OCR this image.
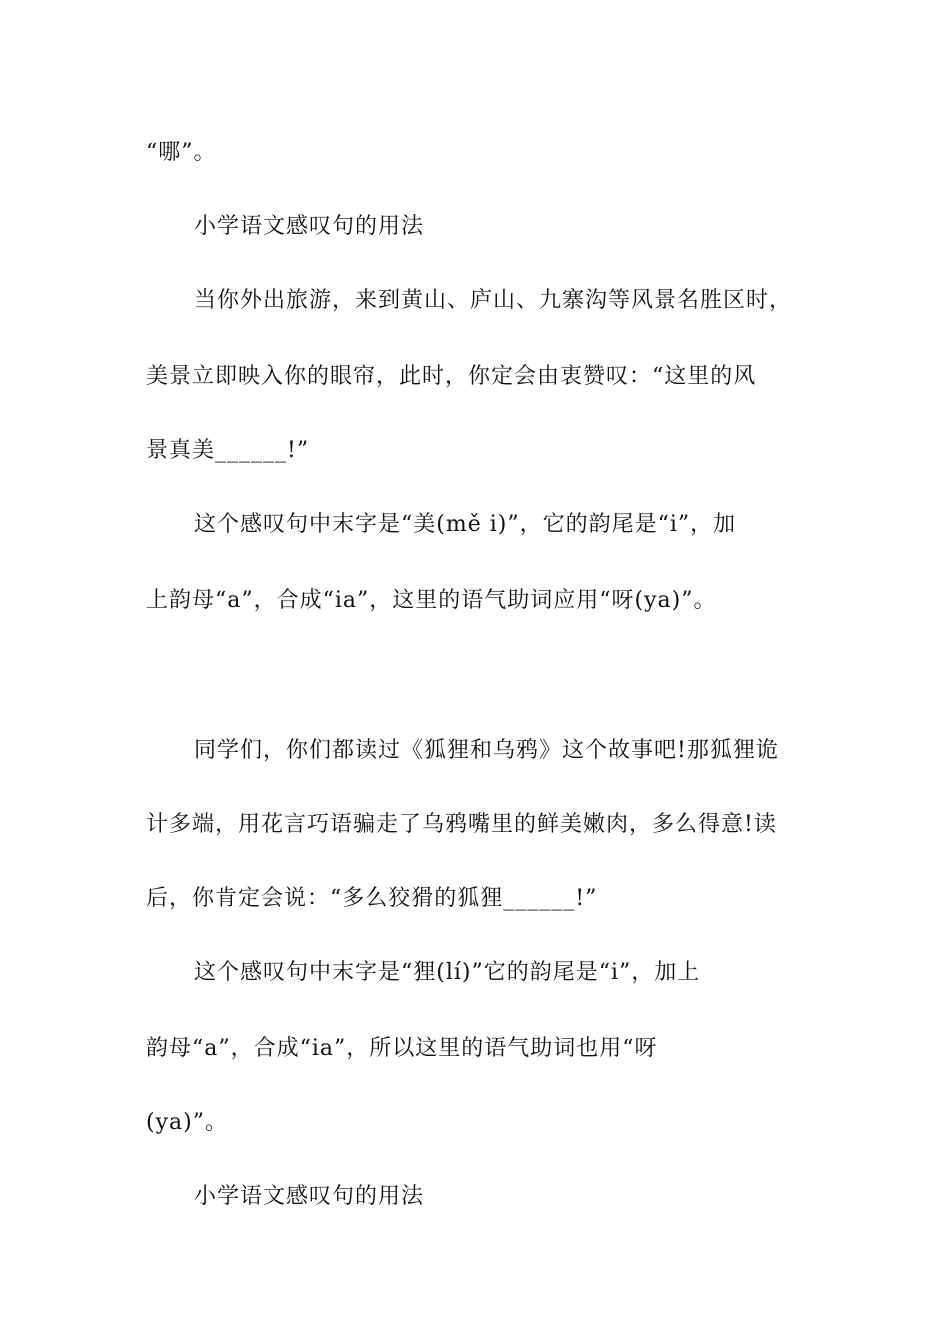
“哪”。
小学语文感叹句的用法
当你外出旅游，来到黄山、庐山、九寨沟等风景名胜区时，
美景立即映入你的眼帘，此时，你定会由衷赞叹：“这里的风
景真美______!”
这个感叹句中末字是“美(mě i)”，它的韵尾是“i”，加
上韵母“a”，合成“ia”，这里的语气助词应用“呀(ya)”。
同学们，你们都读过《狐狸和乌鸦》这个故事吧!那狐狸诡
计多端，用花言巧语骗走了乌鸦嘴里的鲜美嫩肉，多么得意!读
后，你肯定会说：“多么狡猾的狐狸______!”
这个感叹句中末字是“狸(lí)”它的韵尾是“i”，加上
韵母“a”，合成“ia”，所以这里的语气助词也用“呀
(ya)”。
小学语文感叹句的用法
